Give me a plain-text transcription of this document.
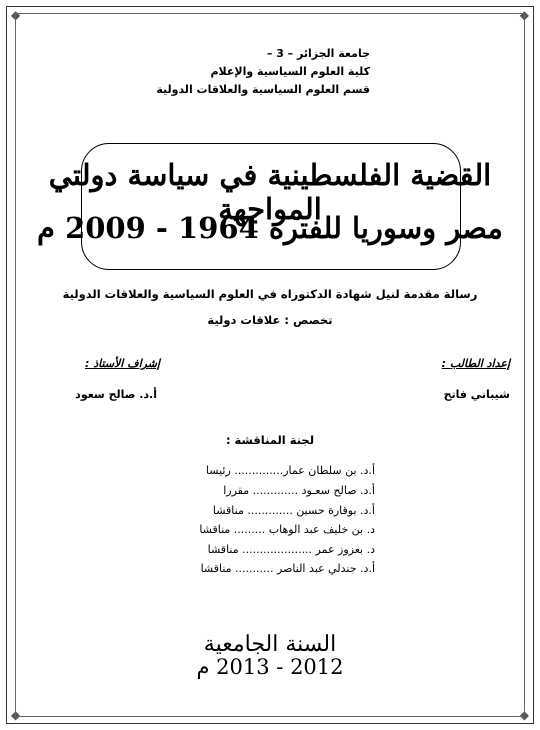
◆	◆
◆	◆
جامعة الجزائر – 3 –
كلية العلوم السياسية والإعلام
قسم العلوم السياسية والعلاقات الدولية
القضية الفلسطينية في سياسة دولتي المواجهة
مصر وسوريا للفترة 1964 - 2009 م
رسالة مقدمة لنيل شهادة الدكتوراه في العلوم السياسية والعلاقات الدولية
تخصص : علاقات دولية
إعداد الطالب :
إشراف الأستاذ :
شيباني فاتح
أ.د. صالح سعود
لجنة المناقشة :
أ.د. بن سلطان عمار.............. رئيسا
أ.د. صالح سعـود ............. مقررا
أ.د. بوقارة حسين ............. مناقشا
د. بن خليف عبد الوهاب ......... مناقشا
د. بعزوز عمر .................... مناقشا
أ.د. جندلي عبد الناصر ........... مناقشا
السنة الجامعية
2012 - 2013 م
